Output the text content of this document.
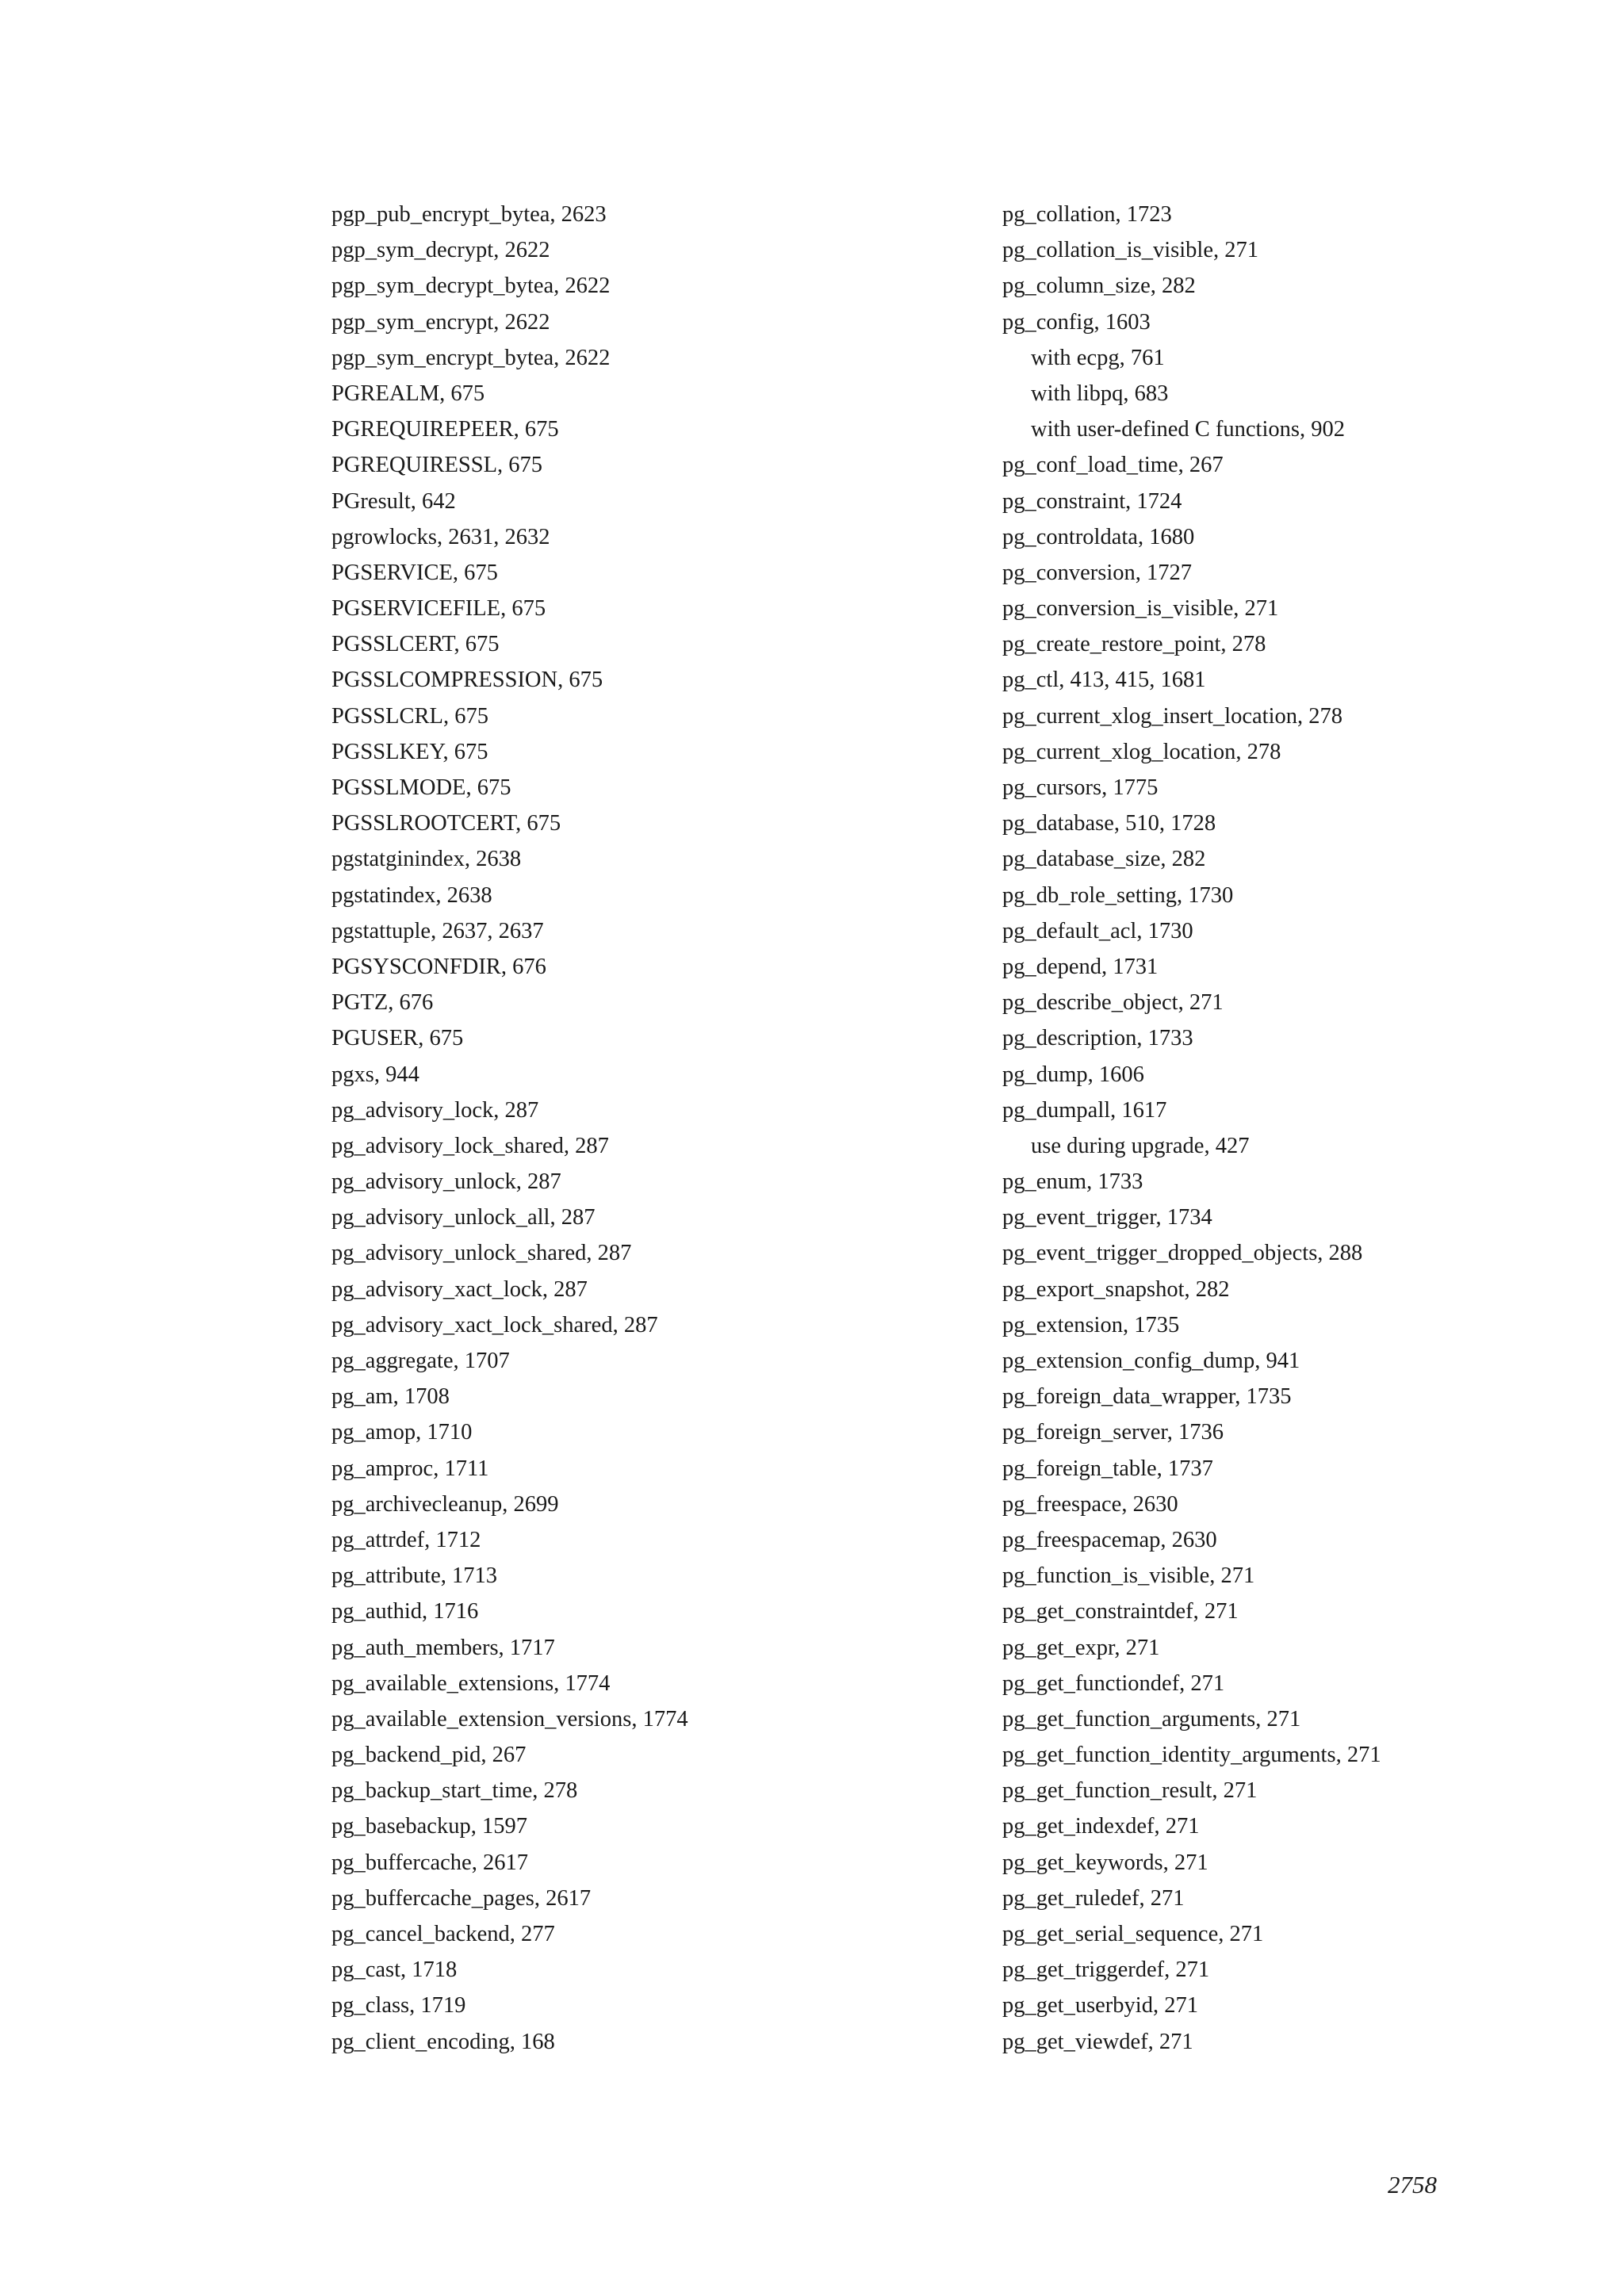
pgp_pub_encrypt_bytea, 2623
pgp_sym_decrypt, 2622
pgp_sym_decrypt_bytea, 2622
pgp_sym_encrypt, 2622
pgp_sym_encrypt_bytea, 2622
PGREALM, 675
PGREQUIREPEER, 675
PGREQUIRESSL, 675
PGresult, 642
pgrowlocks, 2631, 2632
PGSERVICE, 675
PGSERVICEFILE, 675
PGSSLCERT, 675
PGSSLCOMPRESSION, 675
PGSSLCRL, 675
PGSSLKEY, 675
PGSSLMODE, 675
PGSSLROOTCERT, 675
pgstatginindex, 2638
pgstatindex, 2638
pgstattuple, 2637, 2637
PGSYSCONFDIR, 676
PGTZ, 676
PGUSER, 675
pgxs, 944
pg_advisory_lock, 287
pg_advisory_lock_shared, 287
pg_advisory_unlock, 287
pg_advisory_unlock_all, 287
pg_advisory_unlock_shared, 287
pg_advisory_xact_lock, 287
pg_advisory_xact_lock_shared, 287
pg_aggregate, 1707
pg_am, 1708
pg_amop, 1710
pg_amproc, 1711
pg_archivecleanup, 2699
pg_attrdef, 1712
pg_attribute, 1713
pg_authid, 1716
pg_auth_members, 1717
pg_available_extensions, 1774
pg_available_extension_versions, 1774
pg_backend_pid, 267
pg_backup_start_time, 278
pg_basebackup, 1597
pg_buffercache, 2617
pg_buffercache_pages, 2617
pg_cancel_backend, 277
pg_cast, 1718
pg_class, 1719
pg_client_encoding, 168
pg_collation, 1723
pg_collation_is_visible, 271
pg_column_size, 282
pg_config, 1603
with ecpg, 761
with libpq, 683
with user-defined C functions, 902
pg_conf_load_time, 267
pg_constraint, 1724
pg_controldata, 1680
pg_conversion, 1727
pg_conversion_is_visible, 271
pg_create_restore_point, 278
pg_ctl, 413, 415, 1681
pg_current_xlog_insert_location, 278
pg_current_xlog_location, 278
pg_cursors, 1775
pg_database, 510, 1728
pg_database_size, 282
pg_db_role_setting, 1730
pg_default_acl, 1730
pg_depend, 1731
pg_describe_object, 271
pg_description, 1733
pg_dump, 1606
pg_dumpall, 1617
use during upgrade, 427
pg_enum, 1733
pg_event_trigger, 1734
pg_event_trigger_dropped_objects, 288
pg_export_snapshot, 282
pg_extension, 1735
pg_extension_config_dump, 941
pg_foreign_data_wrapper, 1735
pg_foreign_server, 1736
pg_foreign_table, 1737
pg_freespace, 2630
pg_freespacemap, 2630
pg_function_is_visible, 271
pg_get_constraintdef, 271
pg_get_expr, 271
pg_get_functiondef, 271
pg_get_function_arguments, 271
pg_get_function_identity_arguments, 271
pg_get_function_result, 271
pg_get_indexdef, 271
pg_get_keywords, 271
pg_get_ruledef, 271
pg_get_serial_sequence, 271
pg_get_triggerdef, 271
pg_get_userbyid, 271
pg_get_viewdef, 271
2758
